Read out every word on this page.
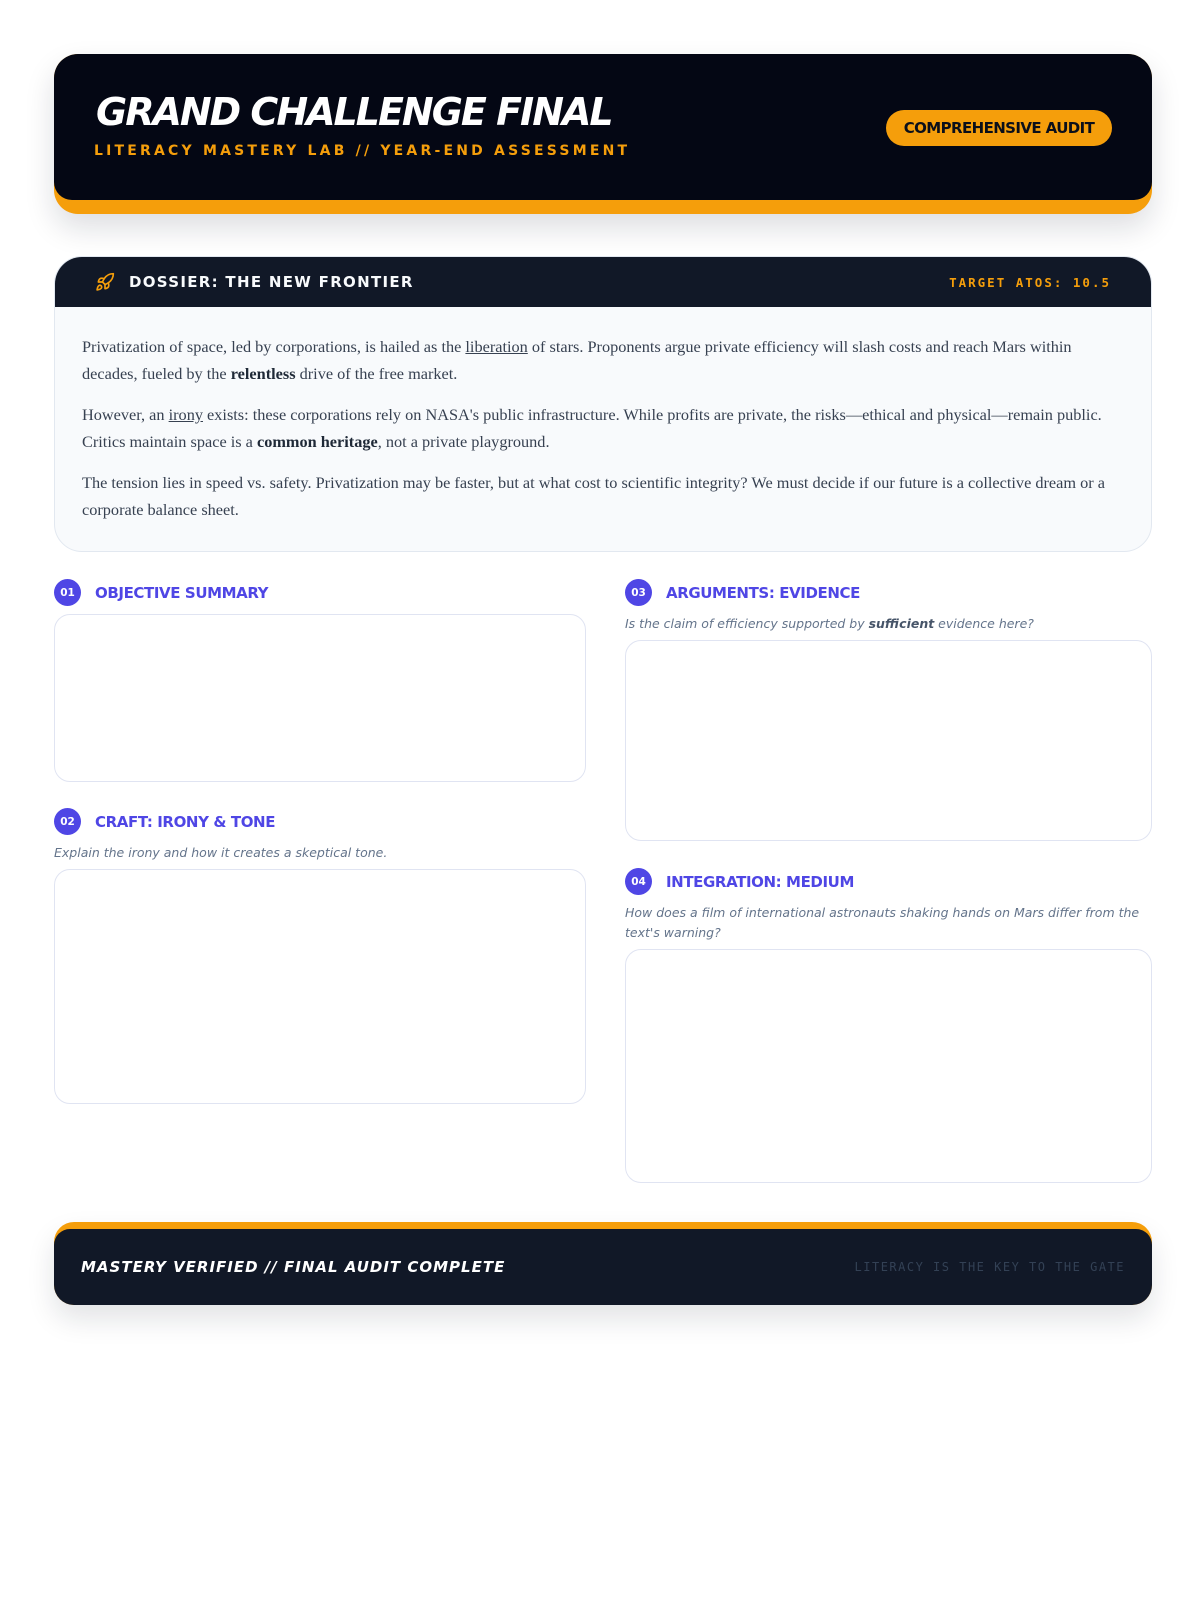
GRAND CHALLENGE FINAL
LITERACY MASTERY LAB // YEAR-END ASSESSMENT
COMPREHENSIVE AUDIT
DOSSIER: THE NEW FRONTIER	TARGET ATOS: 10.5

Privatization of space, led by corporations, is hailed as the liberation of stars. Proponents argue private efficiency will slash costs and reach Mars within decades, fueled by the relentless drive of the free market.

However, an irony exists: these corporations rely on NASA's public infrastructure. While profits are private, the risks—ethical and physical—remain public. Critics maintain space is a common heritage, not a private playground.

The tension lies in speed vs. safety. Privatization may be faster, but at what cost to scientific integrity? We must decide if our future is a collective dream or a corporate balance sheet.

01	OBJECTIVE SUMMARY
02	CRAFT: IRONY & TONE
Explain the irony and how it creates a skeptical tone.
03	ARGUMENTS: EVIDENCE
Is the claim of efficiency supported by sufficient evidence here?
04	INTEGRATION: MEDIUM
How does a film of international astronauts shaking hands on Mars differ from the text's warning?
MASTERY VERIFIED // FINAL AUDIT COMPLETE	LITERACY IS THE KEY TO THE GATE
